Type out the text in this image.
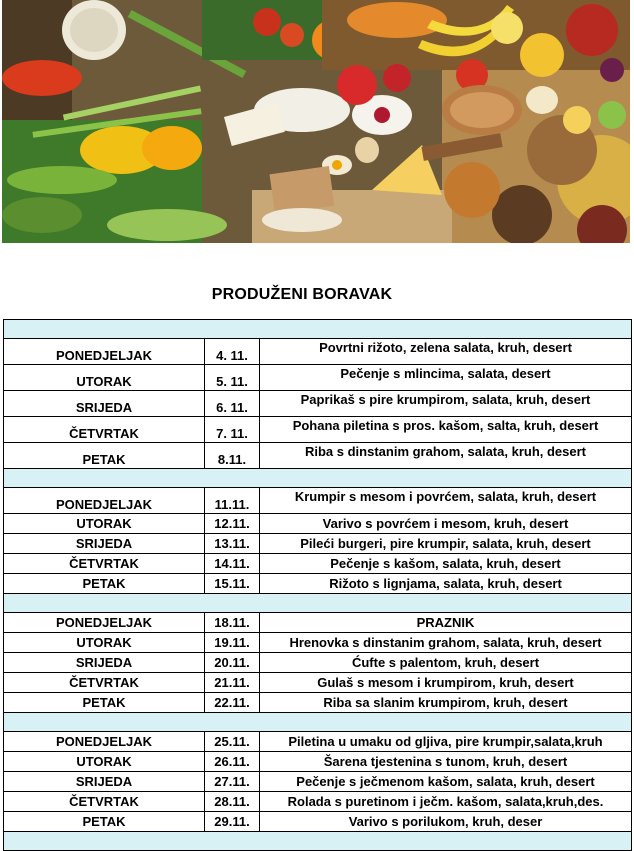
PRODUŽENI BORAVAK

PONEDJELJAK	4. 11.	Povrtni rižoto, zelena salata, kruh, desert
UTORAK	5. 11.	Pečenje s mlincima, salata, desert
SRIJEDA	6. 11.	Paprikaš s pire krumpirom, salata, kruh, desert
ČETVRTAK	7. 11.	Pohana piletina s pros. kašom, salta, kruh, desert
PETAK	8.11.	Riba s dinstanim grahom, salata, kruh, desert

PONEDJELJAK	11.11.	Krumpir s mesom i povrćem, salata, kruh, desert
UTORAK	12.11.	Varivo s povrćem i mesom, kruh, desert
SRIJEDA	13.11.	Pileći burgeri, pire krumpir, salata, kruh, desert
ČETVRTAK	14.11.	Pečenje s kašom, salata, kruh, desert
PETAK	15.11.	Rižoto s lignjama, salata, kruh, desert

PONEDJELJAK	18.11.	PRAZNIK
UTORAK	19.11.	Hrenovka s dinstanim grahom, salata, kruh, desert
SRIJEDA	20.11.	Ćufte s palentom, kruh, desert
ČETVRTAK	21.11.	Gulaš s mesom i krumpirom, kruh, desert
PETAK	22.11.	Riba sa slanim krumpirom, kruh, desert

PONEDJELJAK	25.11.	Piletina u umaku od gljiva, pire krumpir,salata,kruh
UTORAK	26.11.	Šarena tjestenina s tunom, kruh, desert
SRIJEDA	27.11.	Pečenje s ječmenom kašom, salata, kruh, desert
ČETVRTAK	28.11.	Rolada s puretinom i ječm. kašom, salata,kruh,des.
PETAK	29.11.	Varivo s porilukom, kruh, deser
